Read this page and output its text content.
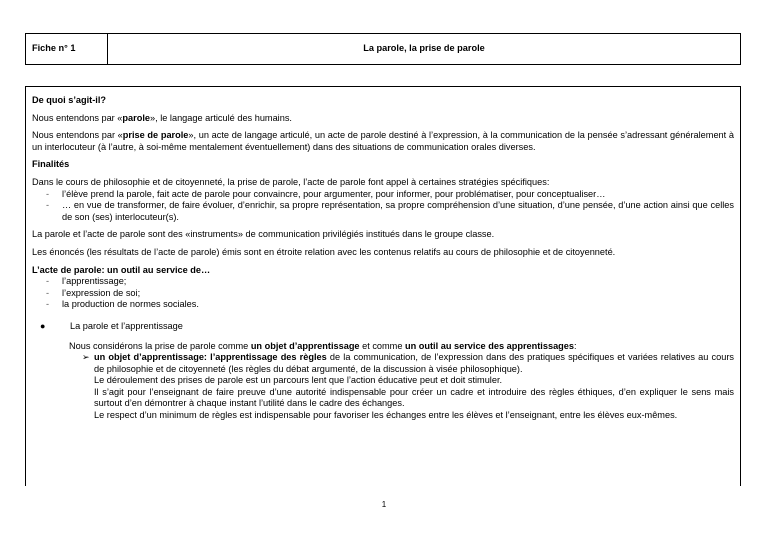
Fiche n° 1	La parole, la prise de parole

De quoi s’agit-il?

Nous entendons par «parole», le langage articulé des humains.

Nous entendons par «prise de parole», un acte de langage articulé, un acte de parole destiné à l’expression, à la communication de la pensée s’adressant généralement à un interlocuteur (à l’autre, à soi-même mentalement éventuellement) dans des situations de communication orales diverses.

Finalités

Dans le cours de philosophie et de citoyenneté, la prise de parole, l’acte de parole font appel à certaines stratégies spécifiques:

- l’élève prend la parole, fait acte de parole pour convaincre, pour argumenter, pour informer, pour problématiser, pour conceptualiser…
- … en vue de transformer, de faire évoluer, d’enrichir, sa propre représentation, sa propre compréhension d’une situation, d’une pensée, d’une action ainsi que celles de son (ses) interlocuteur(s).

La parole et l’acte de parole sont des «instruments» de communication privilégiés institués dans le groupe classe.

Les énoncés (les résultats de l’acte de parole) émis sont en étroite relation avec les contenus relatifs au cours de philosophie et de citoyenneté.

L’acte de parole: un outil au service de…

- l’apprentissage;
- l’expression de soi;
- la production de normes sociales.
●	La parole et l’apprentissage

Nous considérons la prise de parole comme un objet d’apprentissage et comme un outil au service des apprentissages:

➢ un objet d’apprentissage: l’apprentissage des règles de la communication, de l’expression dans des pratiques spécifiques et variées relatives au cours de philosophie et de citoyenneté (les règles du débat argumenté, de la discussion à visée philosophique).
Le déroulement des prises de parole est un parcours lent que l’action éducative peut et doit stimuler.
Il s’agit pour l’enseignant de faire preuve d’une autorité indispensable pour créer un cadre et introduire des règles éthiques, d’en expliquer le sens mais surtout d’en démontrer à chaque instant l’utilité dans le cadre des échanges.
Le respect d’un minimum de règles est indispensable pour favoriser les échanges entre les élèves et l’enseignant, entre les élèves eux-mêmes.
1
